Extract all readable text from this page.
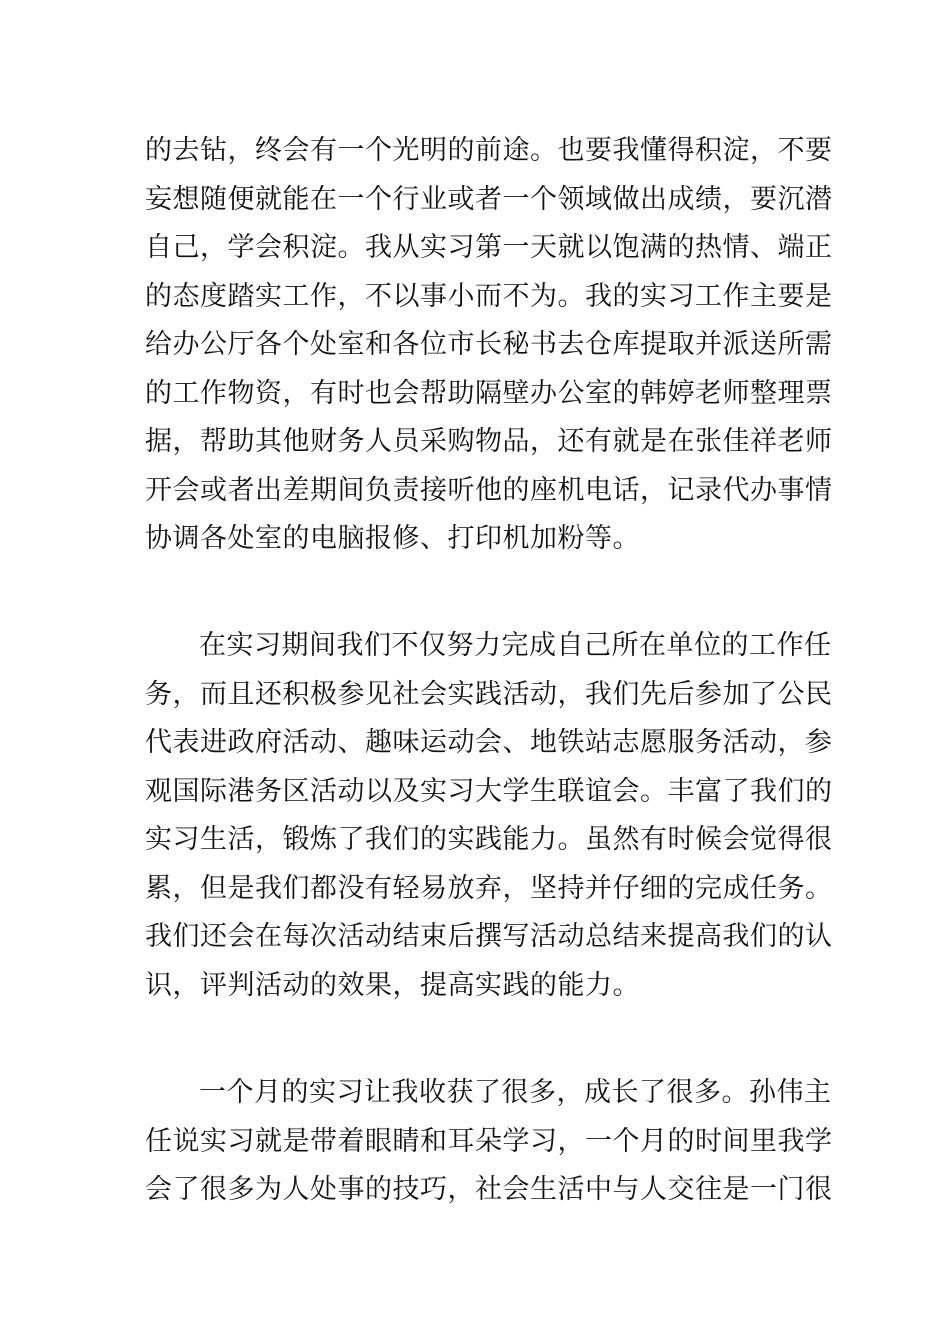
的去钻，终会有一个光明的前途。也要我懂得积淀，不要
妄想随便就能在一个行业或者一个领域做出成绩，要沉潜
自己，学会积淀。我从实习第一天就以饱满的热情、端正
的态度踏实工作，不以事小而不为。我的实习工作主要是
给办公厅各个处室和各位市长秘书去仓库提取并派送所需
的工作物资，有时也会帮助隔壁办公室的韩婷老师整理票
据，帮助其他财务人员采购物品，还有就是在张佳祥老师
开会或者出差期间负责接听他的座机电话，记录代办事情
协调各处室的电脑报修、打印机加粉等。
在实习期间我们不仅努力完成自己所在单位的工作任
务，而且还积极参见社会实践活动，我们先后参加了公民
代表进政府活动、趣味运动会、地铁站志愿服务活动，参
观国际港务区活动以及实习大学生联谊会。丰富了我们的
实习生活，锻炼了我们的实践能力。虽然有时候会觉得很
累，但是我们都没有轻易放弃，坚持并仔细的完成任务。
我们还会在每次活动结束后撰写活动总结来提高我们的认
识，评判活动的效果，提高实践的能力。
一个月的实习让我收获了很多，成长了很多。孙伟主
任说实习就是带着眼睛和耳朵学习，一个月的时间里我学
会了很多为人处事的技巧，社会生活中与人交往是一门很
